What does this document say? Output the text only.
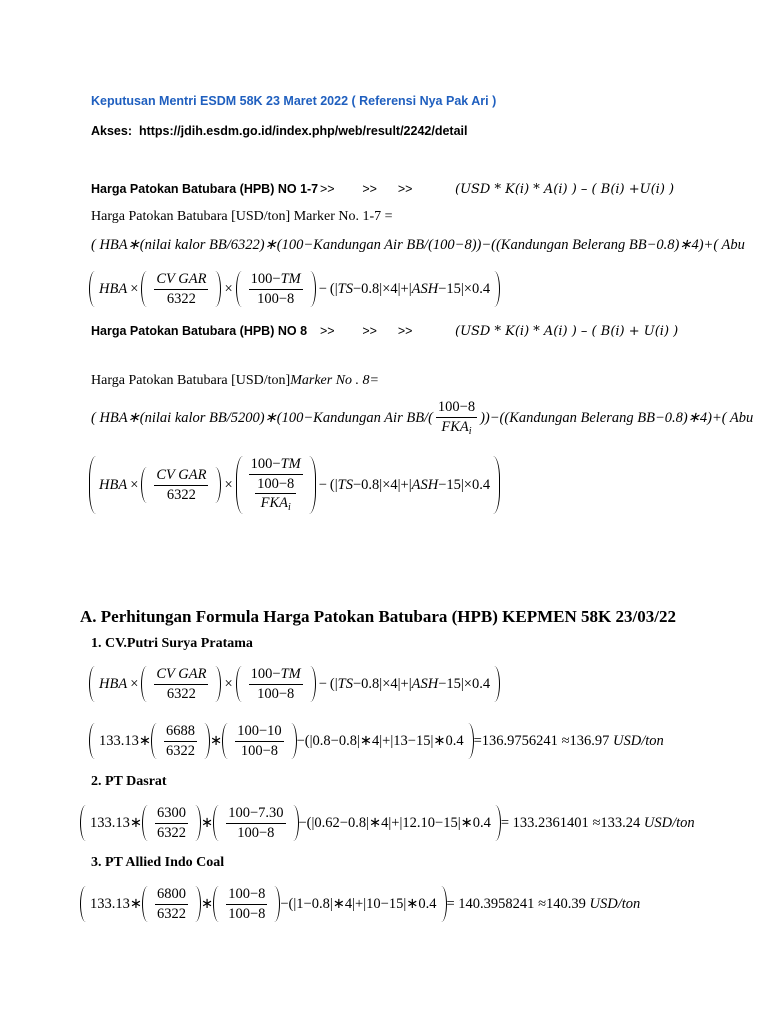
Keputusan Mentri ESDM 58K 23 Maret 2022 ( Referensi Nya Pak Ari )
Akses: https://jdih.esdm.go.id/index.php/web/result/2242/detail
Harga Patokan Batubara (HPB) NO 1-7 >>        >>      >>	(USD * K(i) * A(i) ) – ( B(i) +U(i) )
Harga Patokan Batubara [USD/ton] Marker No. 1-7 =
( HBA∗(nilai kalor BB/6322)∗(100−Kandungan Air BB/(100−8))−((Kandungan Belerang BB−0.8)∗4)+( Abu
HBA × $\frac{\text{CV GAR}}{6322} \times \frac{100-TM}{100-8}$ − (| TS −0.8|×4|+| ASH −15|×0.4
Harga Patokan Batubara (HPB) NO 8 >>        >>      >>	(USD * K(i) * A(i) ) – ( B(i) + U(i) )
Harga Patokan Batubara [USD/ton]Marker No . 8=
( HBA∗(nilai kalor BB/5200)∗(100−Kandungan Air $BB/( \frac{100-8}{FKA_i}$ ))−((Kandungan Belerang BB−0.8)∗4)+( Abu
HBA × $\frac{\text{CV GAR}}{6322} \times \frac{100-TM}{\frac{100-8}{FKA_i}}$ − (| TS −0.8|×4|+| ASH −15|×0.4
A. Perhitungan Formula Harga Patokan Batubara (HPB) KEPMEN 58K 23/03/22
1. CV.Putri Surya Pratama
HBA × $\frac{\text{CV GAR}}{6322} \times \frac{100-TM}{100-8}$ − (| TS −0.8|×4|+| ASH −15|×0.4
133.13 ∗ $\frac{6688}{6322}$ ∗ $\frac{100-10}{100-8}$ −(| 0.8 −0.8|∗4|+| 13 −15|∗0.4 =136.9756241
≈136.97
USD/ton
2. PT Dasrat
133.13 ∗ $\frac{6300}{6322}$ ∗ $\frac{100-7.30}{100-8}$ −(| 0.62 −0.8|∗4|+| 12.10 −15|∗0.4 = 133.2361401
≈133.24
USD/ton
3. PT Allied Indo Coal
133.13 ∗ $\frac{6800}{6322}$ ∗ $\frac{100-8}{100-8}$ −(| 1 −0.8|∗4|+| 10 −15|∗0.4 = 140.3958241
≈140.39
USD/ton
